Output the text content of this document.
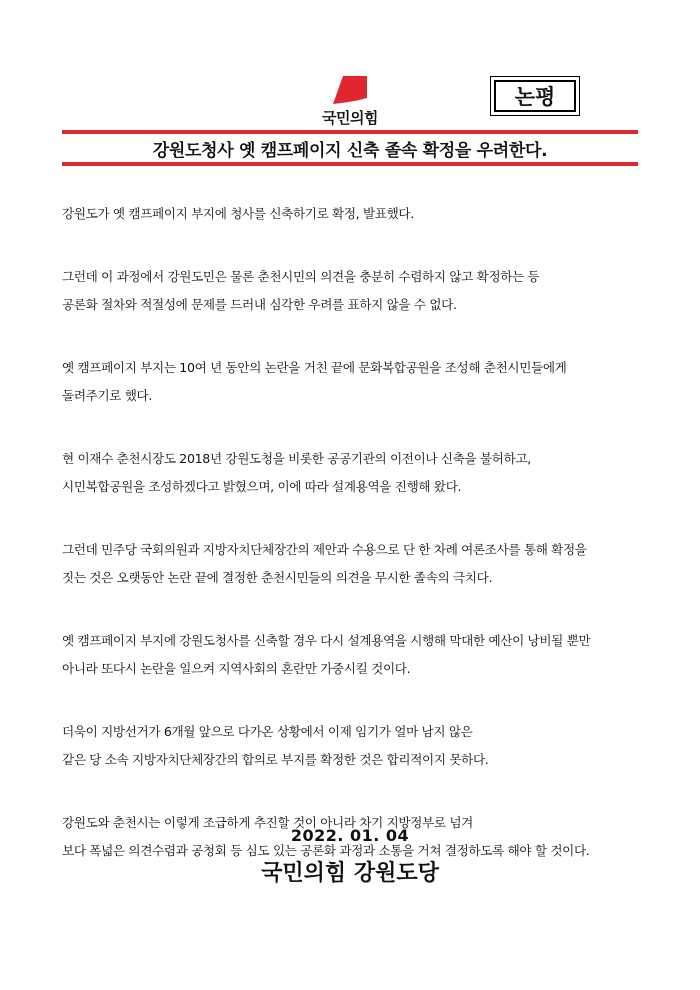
국민의힘
논평
강원도청사 옛 캠프페이지 신축 졸속 확정을 우려한다.

강원도가 옛 캠프페이지 부지에 청사를 신축하기로 확정, 발표했다.

그런데 이 과정에서 강원도민은 물론 춘천시민의 의견을 충분히 수렴하지 않고 확정하는 등
공론화 절차와 적절성에 문제를 드러내 심각한 우려를 표하지 않을 수 없다.

옛 캠프페이지 부지는 10여 년 동안의 논란을 거친 끝에 문화복합공원을 조성해 춘천시민들에게
돌려주기로 했다.

현 이재수 춘천시장도 2018년 강원도청을 비롯한 공공기관의 이전이나 신축을 불허하고,
시민복합공원을 조성하겠다고 밝혔으며, 이에 따라 설계용역을 진행해 왔다.

그런데 민주당 국회의원과 지방자치단체장간의 제안과 수용으로 단 한 차례 여론조사를 통해 확정을
짓는 것은 오랫동안 논란 끝에 결정한 춘천시민들의 의견을 무시한 졸속의 극치다.

옛 캠프페이지 부지에 강원도청사를 신축할 경우 다시 설계용역을 시행해 막대한 예산이 낭비될 뿐만
아니라 또다시 논란을 일으켜 지역사회의 혼란만 가중시킬 것이다.

더욱이 지방선거가 6개월 앞으로 다가온 상황에서 이제 임기가 얼마 남지 않은
같은 당 소속 지방자치단체장간의 합의로 부지를 확정한 것은 합리적이지 못하다.

강원도와 춘천시는 이렇게 조급하게 추진할 것이 아니라 차기 지방정부로 넘겨
보다 폭넓은 의견수렴과 공청회 등 심도 있는 공론화 과정과 소통을 거쳐 결정하도록 해야 할 것이다.

2022. 01. 04
국민의힘 강원도당
